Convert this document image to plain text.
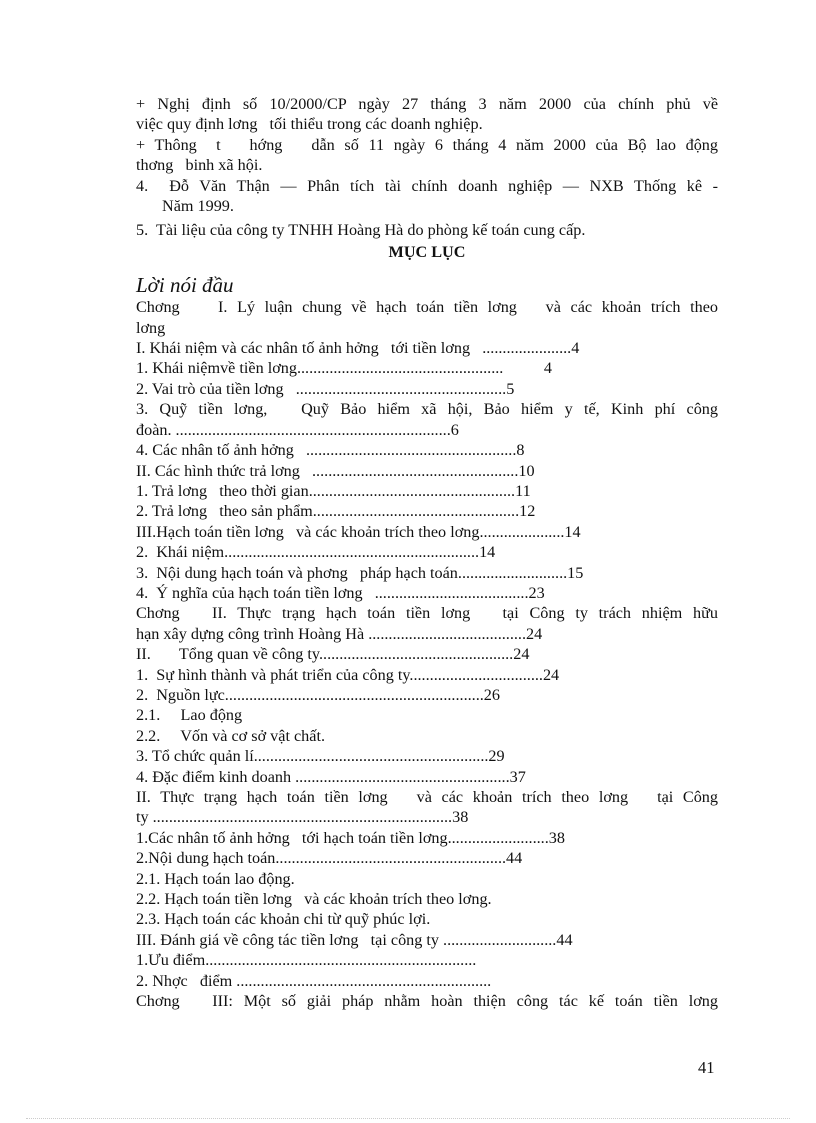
+ Nghị định số 10/2000/CP ngày 27 tháng 3 năm 2000 của chính phủ về
việc quy định lơng   tối thiểu trong các doanh nghiệp.
+ Thông  t   hớng   dẫn số 11 ngày 6 tháng 4 năm 2000 của Bộ lao động
thơng   binh xã hội.
4.  Đỗ Văn Thận — Phân tích tài chính doanh nghiệp — NXB Thống kê -
Năm 1999.
5.  Tài liệu của công ty TNHH Hoàng Hà do phòng kế toán cung cấp.
MỤC LỤC
Lời nói đầu
Chơng    I. Lý luận chung về hạch toán tiền lơng   và các khoản trích theo
lơng
I. Khái niệm và các nhân tố ảnh hởng   tới tiền lơng   ......................4
1. Khái niệmvề tiền lơng...................................................          4
2. Vai trò của tiền lơng   ....................................................5
3. Quỹ tiền lơng,   Quỹ Bảo hiểm xã hội, Bảo hiểm y tế, Kinh phí công
đoàn. ....................................................................6
4. Các nhân tố ảnh hởng   ....................................................8
II. Các hình thức trả lơng   ...................................................10
1. Trả lơng   theo thời gian...................................................11
2. Trả lơng   theo sản phẩm...................................................12
III.Hạch toán tiền lơng   và các khoản trích theo lơng.....................14
2.  Khái niệm...............................................................14
3.  Nội dung hạch toán và phơng   pháp hạch toán...........................15
4.  Ý nghĩa của hạch toán tiền lơng   ......................................23
Chơng   II. Thực trạng hạch toán tiền lơng   tại Công ty trách nhiệm hữu
hạn xây dựng công trình Hoàng Hà .......................................24
II.       Tổng quan về công ty................................................24
1.  Sự hình thành và phát triển của công ty.................................24
2.  Nguồn lực................................................................26
2.1.     Lao động
2.2.     Vốn và cơ sở vật chất.
3. Tổ chức quản lí..........................................................29
4. Đặc điểm kinh doanh .....................................................37
II. Thực trạng hạch toán tiền lơng   và các khoản trích theo lơng   tại Công
ty ..........................................................................38
1.Các nhân tố ảnh hởng   tới hạch toán tiền lơng.........................38
2.Nội dung hạch toán.........................................................44
2.1. Hạch toán lao động.
2.2. Hạch toán tiền lơng   và các khoản trích theo lơng.
2.3. Hạch toán các khoản chi từ quỹ phúc lợi.
III. Đánh giá về công tác tiền lơng   tại công ty ............................44
1.Ưu điểm...................................................................
2. Nhợc   điểm ...............................................................
Chơng   III: Một số giải pháp nhằm hoàn thiện công tác kế toán tiền lơng
41
